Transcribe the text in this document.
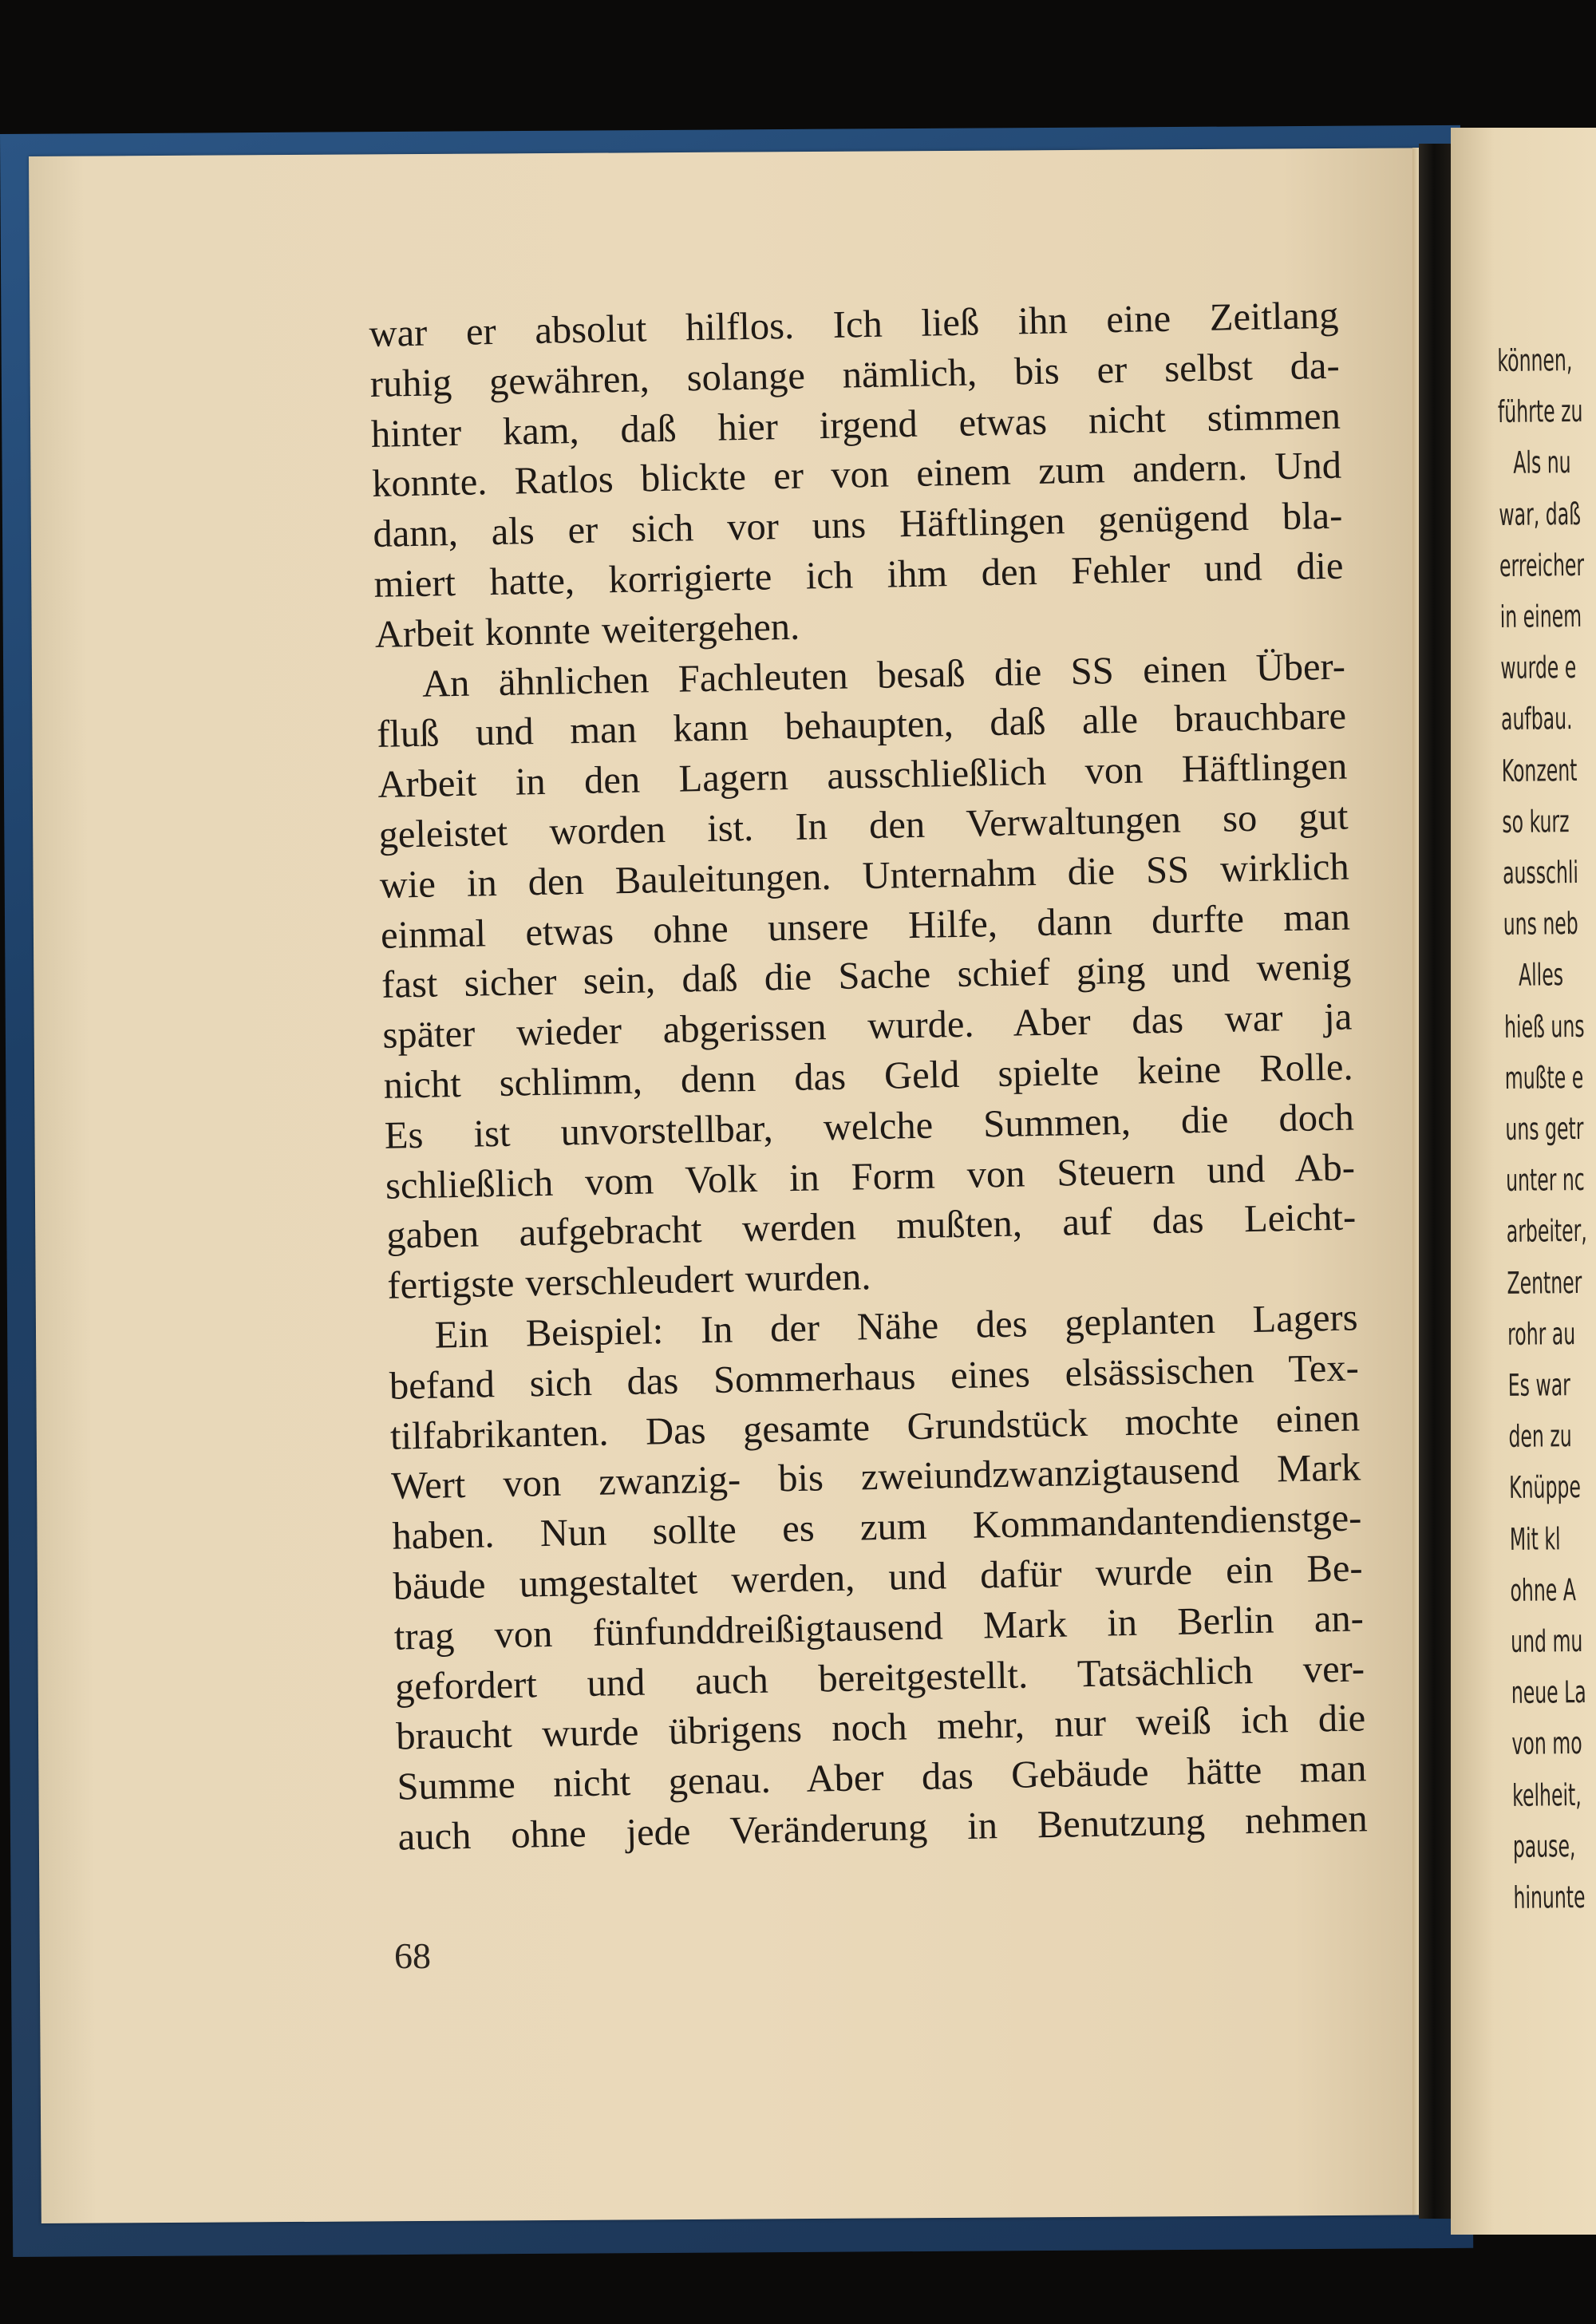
war er absolut hilflos. Ich ließ ihn eine Zeitlang
ruhig gewähren, solange nämlich, bis er selbst da-
hinter kam, daß hier irgend etwas nicht stimmen
konnte. Ratlos blickte er von einem zum andern. Und
dann, als er sich vor uns Häftlingen genügend bla-
miert hatte, korrigierte ich ihm den Fehler und die
Arbeit konnte weitergehen.
An ähnlichen Fachleuten besaß die SS einen Über-
fluß und man kann behaupten, daß alle brauchbare
Arbeit in den Lagern ausschließlich von Häftlingen
geleistet worden ist. In den Verwaltungen so gut
wie in den Bauleitungen. Unternahm die SS wirklich
einmal etwas ohne unsere Hilfe, dann durfte man
fast sicher sein, daß die Sache schief ging und wenig
später wieder abgerissen wurde. Aber das war ja
nicht schlimm, denn das Geld spielte keine Rolle.
Es ist unvorstellbar, welche Summen, die doch
schließlich vom Volk in Form von Steuern und Ab-
gaben aufgebracht werden mußten, auf das Leicht-
fertigste verschleudert wurden.
Ein Beispiel: In der Nähe des geplanten Lagers
befand sich das Sommerhaus eines elsässischen Tex-
tilfabrikanten. Das gesamte Grundstück mochte einen
Wert von zwanzig- bis zweiundzwanzigtausend Mark
haben. Nun sollte es zum Kommandantendienstge-
bäude umgestaltet werden, und dafür wurde ein Be-
trag von fünfunddreißigtausend Mark in Berlin an-
gefordert und auch bereitgestellt. Tatsächlich ver-
braucht wurde übrigens noch mehr, nur weiß ich die
Summe nicht genau. Aber das Gebäude hätte man
auch ohne jede Veränderung in Benutzung nehmen
68
können,
führte zu
Als nu
war, daß
erreicher
in einem
wurde e
aufbau.
Konzent
so kurz
ausschli
uns neb
Alles
hieß uns
mußte e
uns getr
unter nc
arbeiter,
Zentner
rohr au
Es war
den zu
Knüppe
Mit kl
ohne A
und mu
neue La
von mo
kelheit,
pause,
hinunte
